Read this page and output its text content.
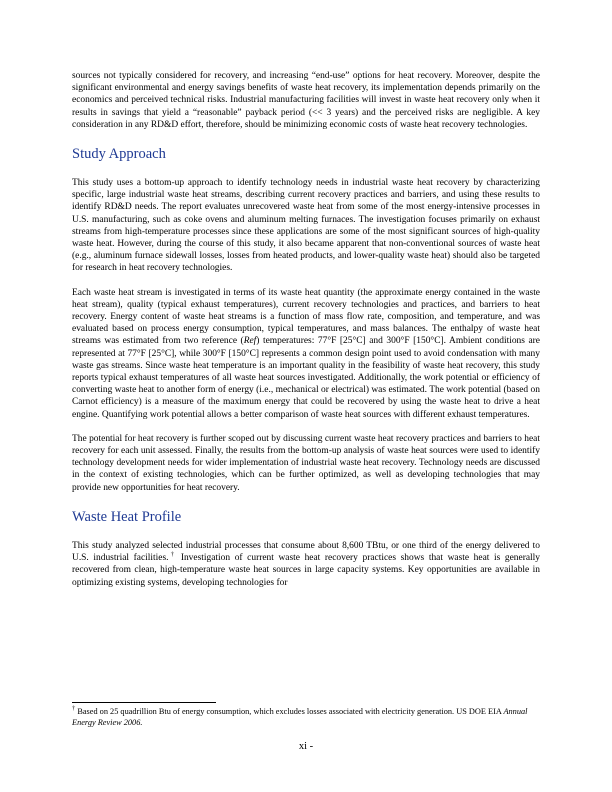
sources not typically considered for recovery, and increasing “end-use” options for heat recovery. Moreover, despite the significant environmental and energy savings benefits of waste heat recovery, its implementation depends primarily on the economics and perceived technical risks. Industrial manufacturing facilities will invest in waste heat recovery only when it results in savings that yield a “reasonable” payback period (<< 3 years) and the perceived risks are negligible. A key consideration in any RD&D effort, therefore, should be minimizing economic costs of waste heat recovery technologies.

Study Approach

This study uses a bottom-up approach to identify technology needs in industrial waste heat recovery by characterizing specific, large industrial waste heat streams, describing current recovery practices and barriers, and using these results to identify RD&D needs. The report evaluates unrecovered waste heat from some of the most energy-intensive processes in U.S. manufacturing, such as coke ovens and aluminum melting furnaces. The investigation focuses primarily on exhaust streams from high-temperature processes since these applications are some of the most significant sources of high-quality waste heat. However, during the course of this study, it also became apparent that non-conventional sources of waste heat (e.g., aluminum furnace sidewall losses, losses from heated products, and lower-quality waste heat) should also be targeted for research in heat recovery technologies.

Each waste heat stream is investigated in terms of its waste heat quantity (the approximate energy contained in the waste heat stream), quality (typical exhaust temperatures), current recovery technologies and practices, and barriers to heat recovery. Energy content of waste heat streams is a function of mass flow rate, composition, and temperature, and was evaluated based on process energy consumption, typical temperatures, and mass balances. The enthalpy of waste heat streams was estimated from two reference (Ref) temperatures: 77°F [25°C] and 300°F [150°C]. Ambient conditions are represented at 77°F [25°C], while 300°F [150°C] represents a common design point used to avoid condensation with many waste gas streams. Since waste heat temperature is an important quality in the feasibility of waste heat recovery, this study reports typical exhaust temperatures of all waste heat sources investigated. Additionally, the work potential or efficiency of converting waste heat to another form of energy (i.e., mechanical or electrical) was estimated. The work potential (based on Carnot efficiency) is a measure of the maximum energy that could be recovered by using the waste heat to drive a heat engine. Quantifying work potential allows a better comparison of waste heat sources with different exhaust temperatures.

The potential for heat recovery is further scoped out by discussing current waste heat recovery practices and barriers to heat recovery for each unit assessed. Finally, the results from the bottom-up analysis of waste heat sources were used to identify technology development needs for wider implementation of industrial waste heat recovery. Technology needs are discussed in the context of existing technologies, which can be further optimized, as well as developing technologies that may provide new opportunities for heat recovery.

Waste Heat Profile

This study analyzed selected industrial processes that consume about 8,600 TBtu, or one third of the energy delivered to U.S. industrial facilities.† Investigation of current waste heat recovery practices shows that waste heat is generally recovered from clean, high-temperature waste heat sources in large capacity systems. Key opportunities are available in optimizing existing systems, developing technologies for

† Based on 25 quadrillion Btu of energy consumption, which excludes losses associated with electricity generation. US DOE EIA Annual Energy Review 2006.
xi -
